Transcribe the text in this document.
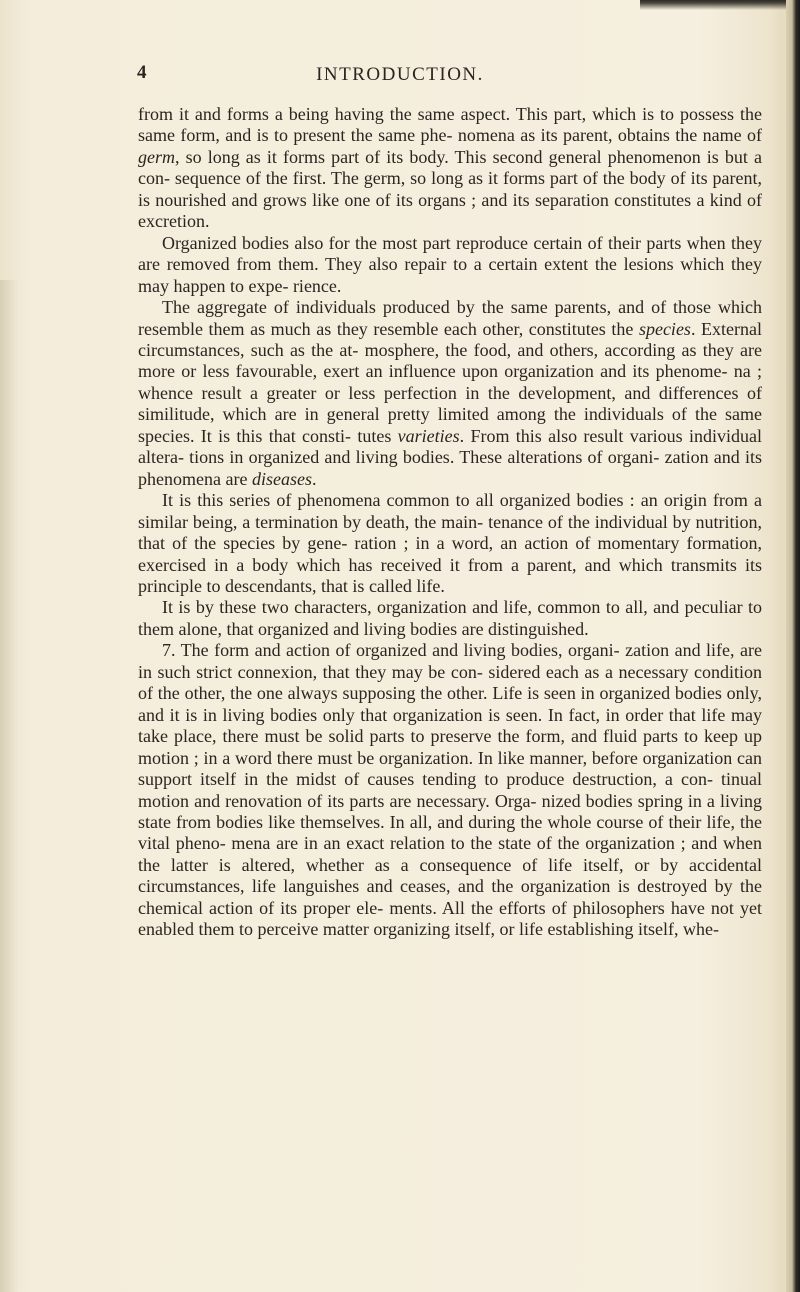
4	INTRODUCTION.

from it and forms a being having the same aspect. This part, which is to possess the same form, and is to present the same phe- nomena as its parent, obtains the name of germ, so long as it forms part of its body. This second general phenomenon is but a con- sequence of the first. The germ, so long as it forms part of the body of its parent, is nourished and grows like one of its organs ; and its separation constitutes a kind of excretion.

Organized bodies also for the most part reproduce certain of their parts when they are removed from them. They also repair to a certain extent the lesions which they may happen to expe- rience.

The aggregate of individuals produced by the same parents, and of those which resemble them as much as they resemble each other, constitutes the species. External circumstances, such as the at- mosphere, the food, and others, according as they are more or less favourable, exert an influence upon organization and its phenome- na ; whence result a greater or less perfection in the development, and differences of similitude, which are in general pretty limited among the individuals of the same species. It is this that consti- tutes varieties. From this also result various individual altera- tions in organized and living bodies. These alterations of organi- zation and its phenomena are diseases.

It is this series of phenomena common to all organized bodies : an origin from a similar being, a termination by death, the main- tenance of the individual by nutrition, that of the species by gene- ration ; in a word, an action of momentary formation, exercised in a body which has received it from a parent, and which transmits its principle to descendants, that is called life.

It is by these two characters, organization and life, common to all, and peculiar to them alone, that organized and living bodies are distinguished.

7. The form and action of organized and living bodies, organi- zation and life, are in such strict connexion, that they may be con- sidered each as a necessary condition of the other, the one always supposing the other. Life is seen in organized bodies only, and it is in living bodies only that organization is seen. In fact, in order that life may take place, there must be solid parts to preserve the form, and fluid parts to keep up motion ; in a word there must be organization. In like manner, before organization can support itself in the midst of causes tending to produce destruction, a con- tinual motion and renovation of its parts are necessary. Orga- nized bodies spring in a living state from bodies like themselves. In all, and during the whole course of their life, the vital pheno- mena are in an exact relation to the state of the organization ; and when the latter is altered, whether as a consequence of life itself, or by accidental circumstances, life languishes and ceases, and the organization is destroyed by the chemical action of its proper ele- ments. All the efforts of philosophers have not yet enabled them to perceive matter organizing itself, or life establishing itself, whe-
